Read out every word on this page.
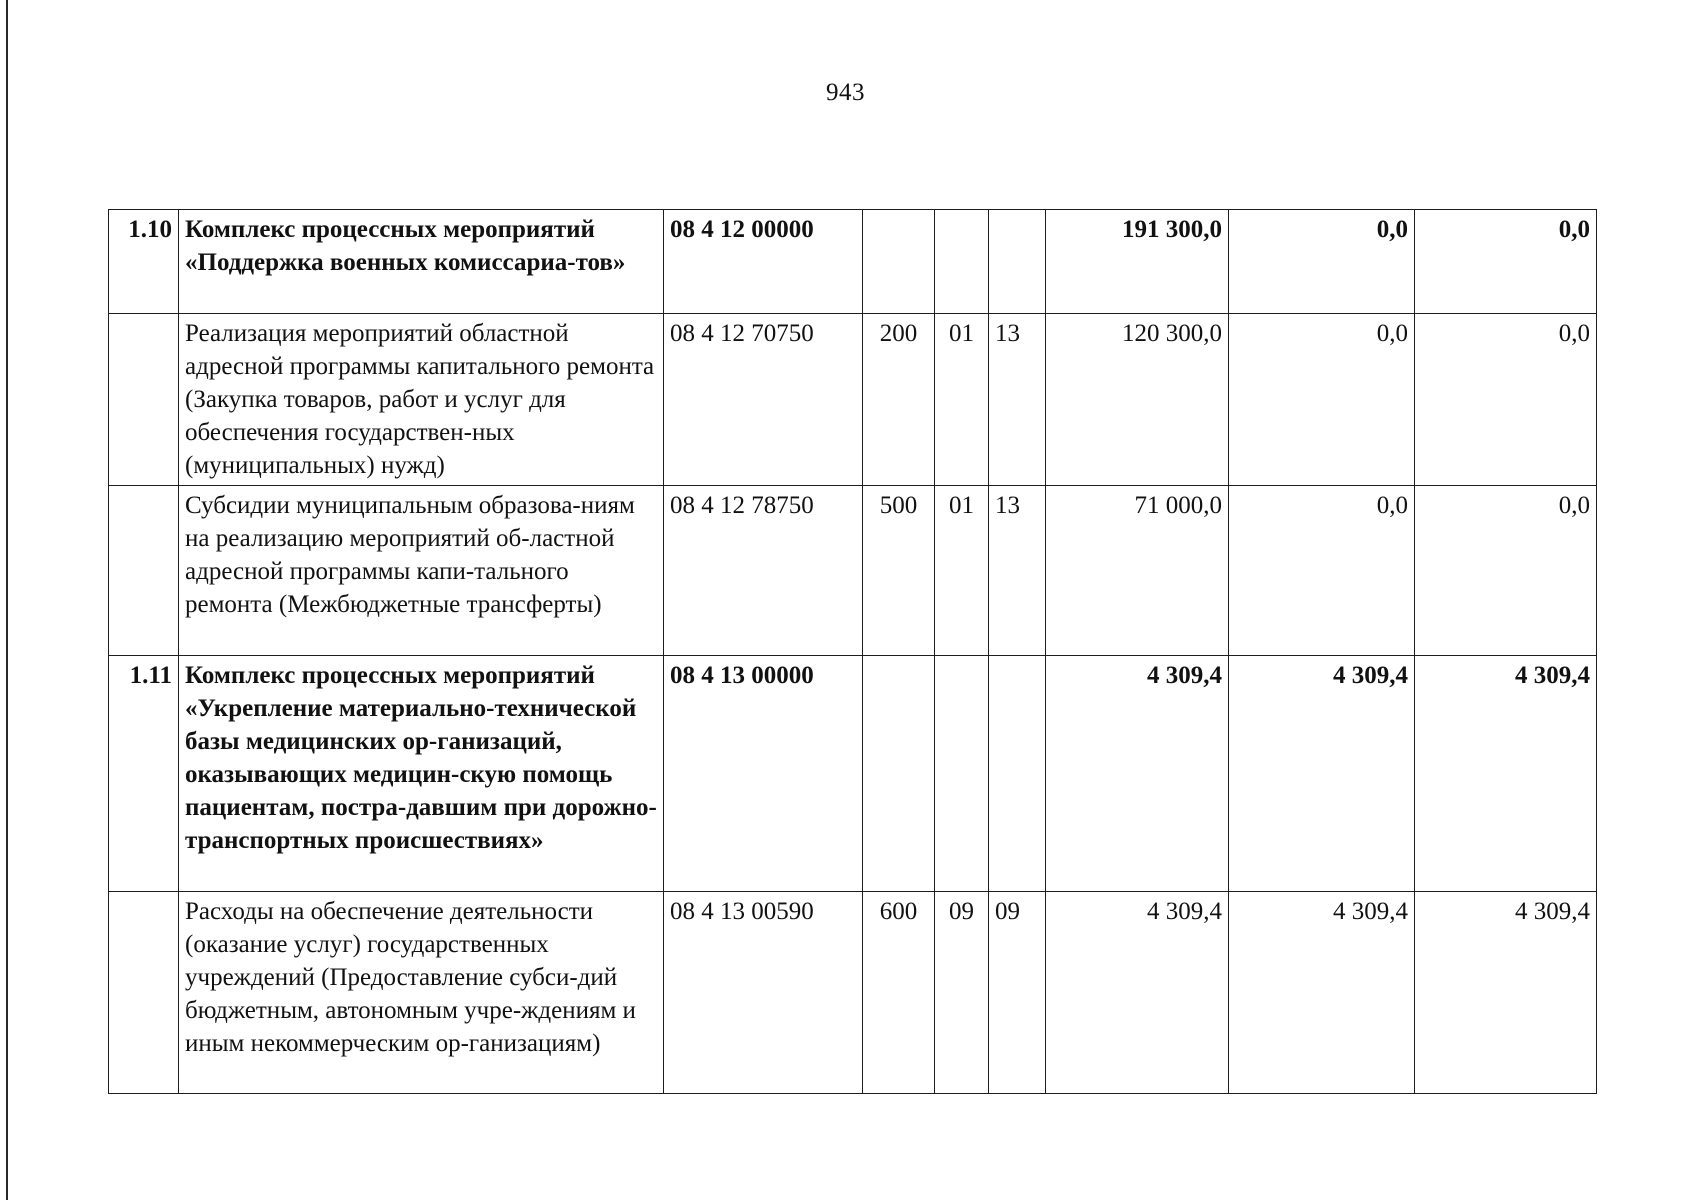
943
1.10	Комплекс процессных мероприятий «Поддержка военных комиссариа-тов»	08 4 12 00000				191 300,0	0,0	0,0
	Реализация мероприятий областной адресной программы капитального ремонта (Закупка товаров, работ и услуг для обеспечения государствен-ных (муниципальных) нужд)	08 4 12 70750	200	01	13	120 300,0	0,0	0,0
	Субсидии муниципальным образова-ниям на реализацию мероприятий об-ластной адресной программы капи-тального ремонта (Межбюджетные трансферты)	08 4 12 78750	500	01	13	71 000,0	0,0	0,0
1.11	Комплекс процессных мероприятий «Укрепление материально-технической базы медицинских ор-ганизаций, оказывающих медицин-скую помощь пациентам, постра-давшим при дорожно-транспортных происшествиях»	08 4 13 00000				4 309,4	4 309,4	4 309,4
	Расходы на обеспечение деятельности (оказание услуг) государственных учреждений (Предоставление субси-дий бюджетным, автономным учре-ждениям и иным некоммерческим ор-ганизациям)	08 4 13 00590	600	09	09	4 309,4	4 309,4	4 309,4
